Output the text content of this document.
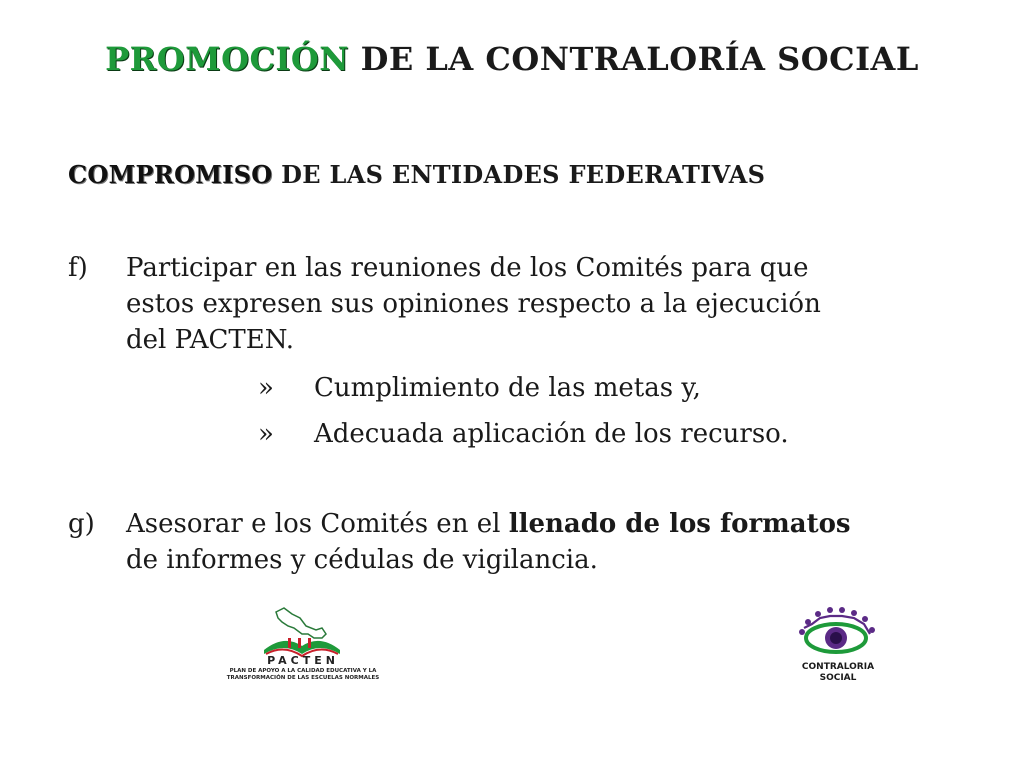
PROMOCIÓN DE LA CONTRALORÍA SOCIAL
COMPROMISO DE LAS ENTIDADES FEDERATIVAS
f) Participar en las reuniones de los Comités para que
estos expresen sus opiniones respecto a la ejecución
del PACTEN.
» Cumplimiento de las metas y,
» Adecuada aplicación de los recurso.
g) Asesorar e los Comités en el llenado de los formatos
de informes y cédulas de vigilancia.
PACTEN
PLAN DE APOYO A LA CALIDAD EDUCATIVA Y LA
TRANSFORMACIÓN DE LAS ESCUELAS NORMALES
CONTRALORIA
SOCIAL
